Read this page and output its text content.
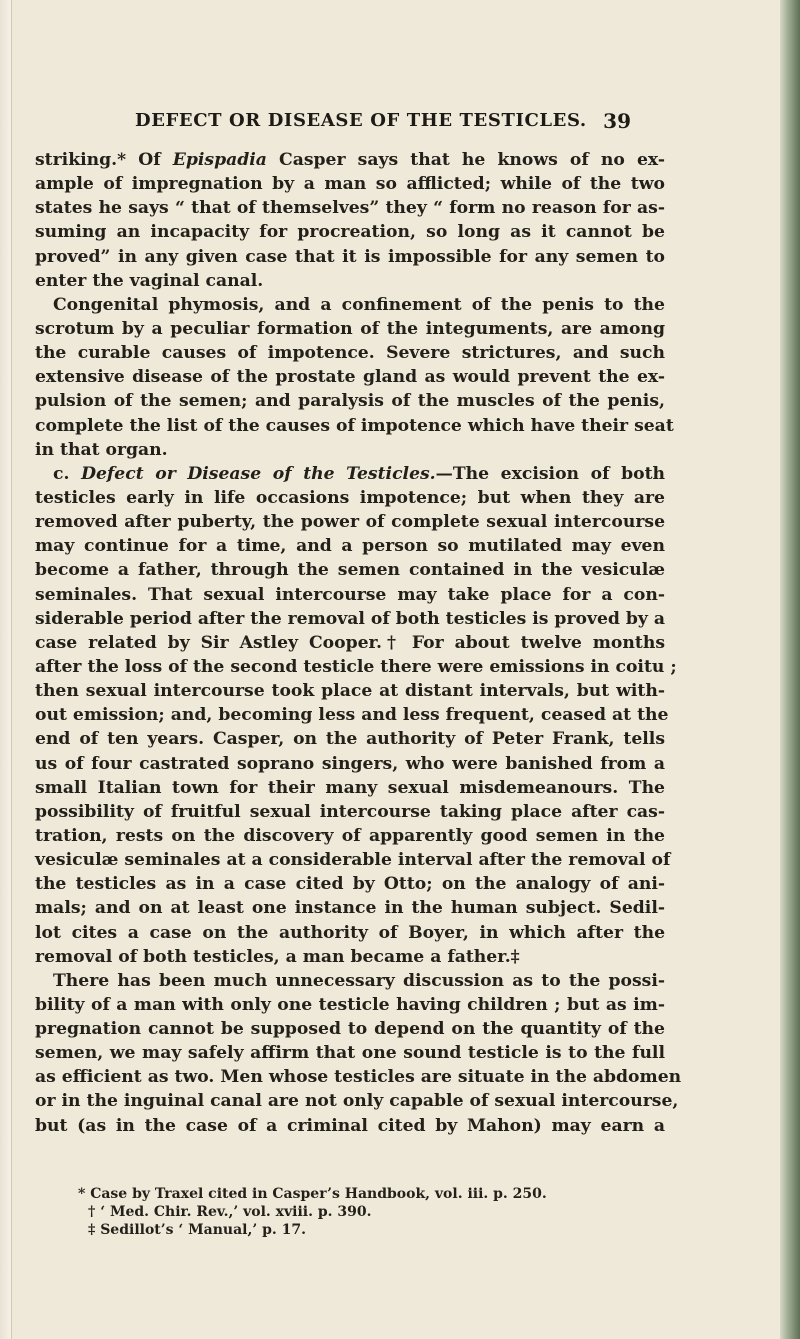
DEFECT OR DISEASE OF THE TESTICLES. 39
striking.* Of Epispadia Casper says that he knows of no ex-
ample of impregnation by a man so afflicted; while of the two
states he says “ that of themselves” they “ form no reason for as-
suming an incapacity for procreation, so long as it cannot be
proved” in any given case that it is impossible for any semen to
enter the vaginal canal.
Congenital phymosis, and a confinement of the penis to the
scrotum by a peculiar formation of the integuments, are among
the curable causes of impotence. Severe strictures, and such
extensive disease of the prostate gland as would prevent the ex-
pulsion of the semen; and paralysis of the muscles of the penis,
complete the list of the causes of impotence which have their seat
in that organ.
c. Defect or Disease of the Testicles.—The excision of both
testicles early in life occasions impotence; but when they are
removed after puberty, the power of complete sexual intercourse
may continue for a time, and a person so mutilated may even
become a father, through the semen contained in the vesiculæ
seminales. That sexual intercourse may take place for a con-
siderable period after the removal of both testicles is proved by a
case related by Sir Astley Cooper.† For about twelve months
after the loss of the second testicle there were emissions in coitu ;
then sexual intercourse took place at distant intervals, but with-
out emission; and, becoming less and less frequent, ceased at the
end of ten years. Casper, on the authority of Peter Frank, tells
us of four castrated soprano singers, who were banished from a
small Italian town for their many sexual misdemeanours. The
possibility of fruitful sexual intercourse taking place after cas-
tration, rests on the discovery of apparently good semen in the
vesiculæ seminales at a considerable interval after the removal of
the testicles as in a case cited by Otto; on the analogy of ani-
mals; and on at least one instance in the human subject. Sedil-
lot cites a case on the authority of Boyer, in which after the
removal of both testicles, a man became a father.‡
There has been much unnecessary discussion as to the possi-
bility of a man with only one testicle having children ; but as im-
pregnation cannot be supposed to depend on the quantity of the
semen, we may safely affirm that one sound testicle is to the full
as efficient as two. Men whose testicles are situate in the abdomen
or in the inguinal canal are not only capable of sexual intercourse,
but (as in the case of a criminal cited by Mahon) may earn a
* Case by Traxel cited in Casper’s Handbook, vol. iii. p. 250.
† ‘ Med. Chir. Rev.,’ vol. xviii. p. 390.
‡ Sedillot’s ‘ Manual,’ p. 17.
